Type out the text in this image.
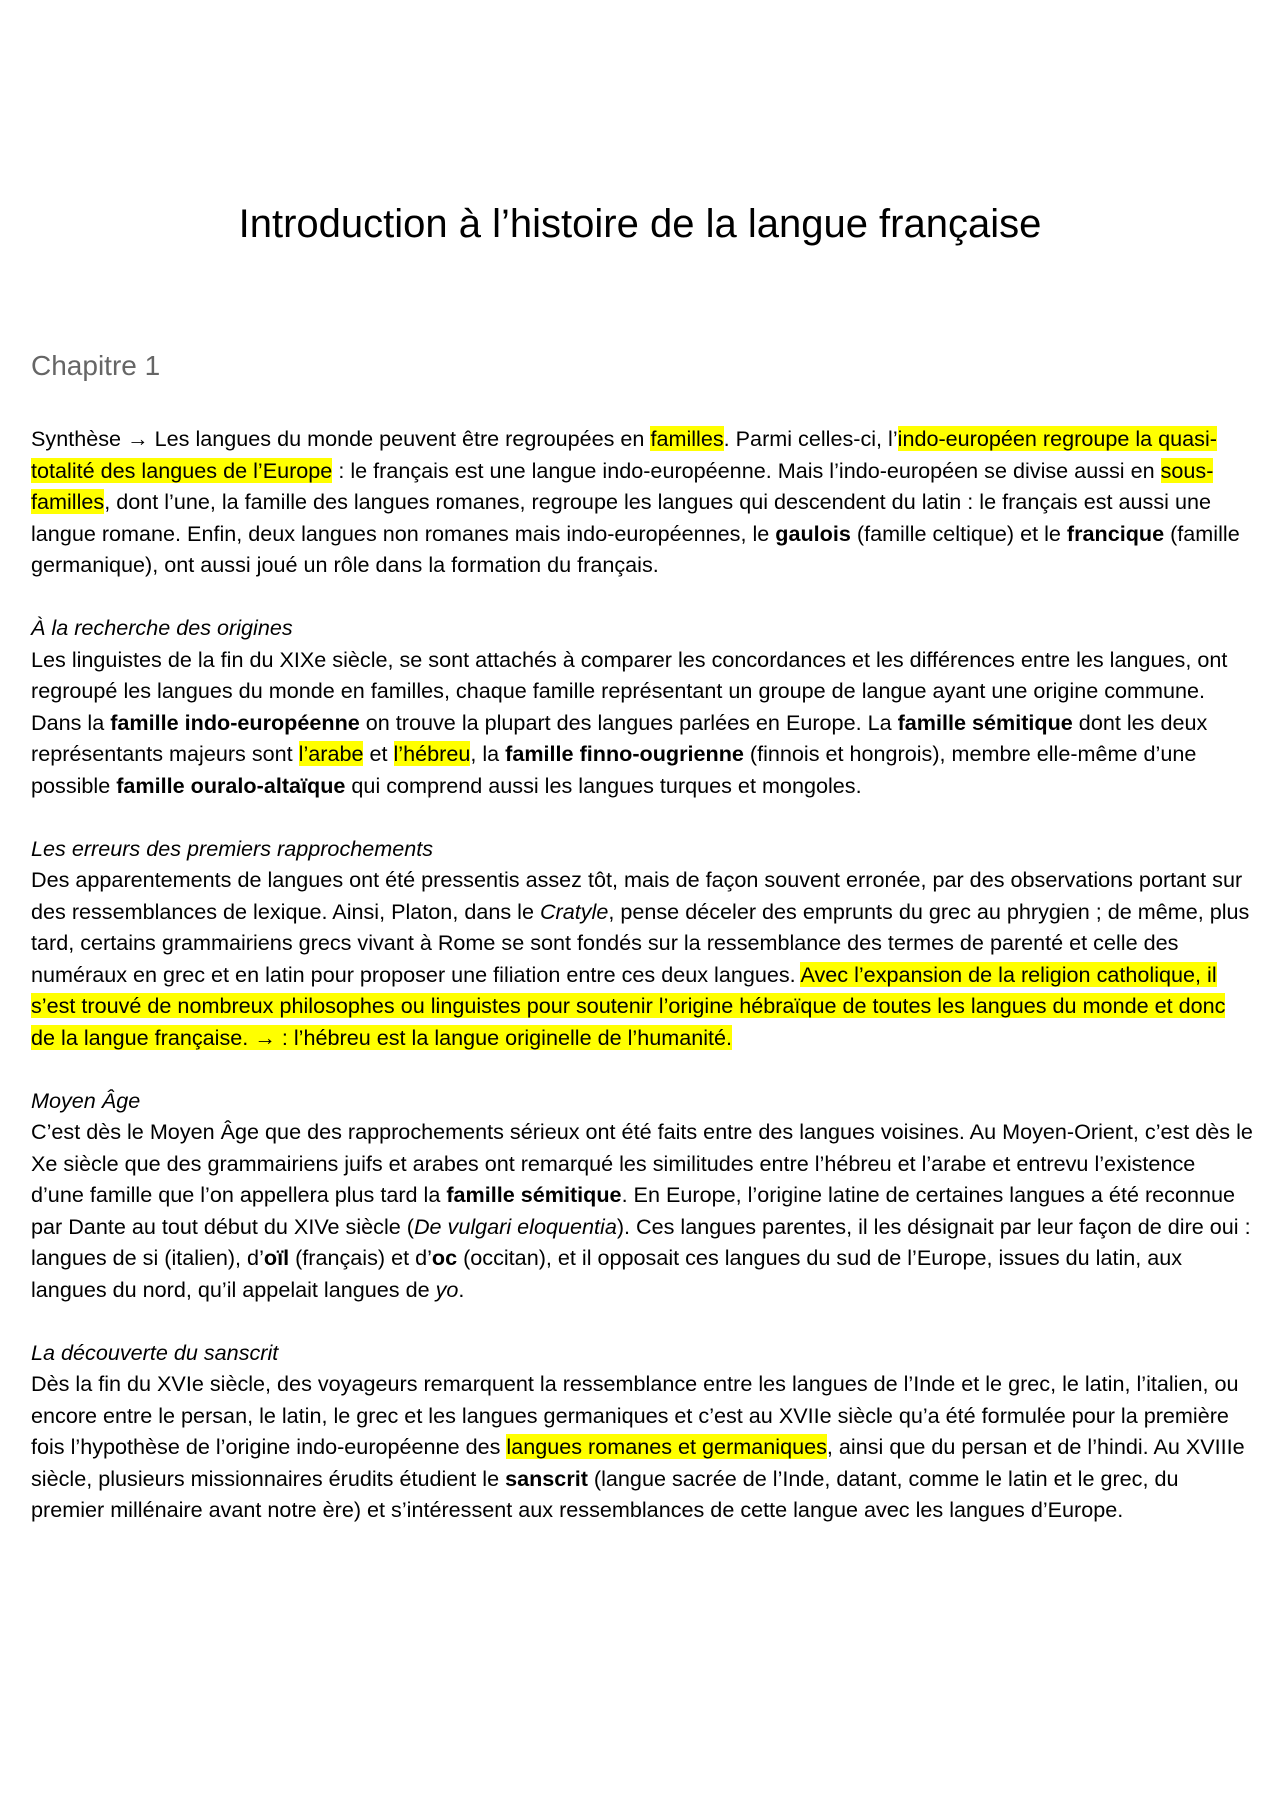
Introduction à l’histoire de la langue française
Chapitre 1

Synthèse → Les langues du monde peuvent être regroupées en familles. Parmi celles-ci, l’indo-européen regroupe la quasi-totalité des langues de l’Europe : le français est une langue indo-européenne. Mais l’indo-européen se divise aussi en sous-familles, dont l’une, la famille des langues romanes, regroupe les langues qui descendent du latin : le français est aussi une langue romane. Enfin, deux langues non romanes mais indo-européennes, le gaulois (famille celtique) et le francique (famille germanique), ont aussi joué un rôle dans la formation du français.

À la recherche des origines

Les linguistes de la fin du XIXe siècle, se sont attachés à comparer les concordances et les différences entre les langues, ont regroupé les langues du monde en familles, chaque famille représentant un groupe de langue ayant une origine commune. Dans la famille indo-européenne on trouve la plupart des langues parlées en Europe. La famille sémitique dont les deux représentants majeurs sont l’arabe et l’hébreu, la famille finno-ougrienne (finnois et hongrois), membre elle-même d’une possible famille ouralo-altaïque qui comprend aussi les langues turques et mongoles.

Les erreurs des premiers rapprochements

Des apparentements de langues ont été pressentis assez tôt, mais de façon souvent erronée, par des observations portant sur des ressemblances de lexique. Ainsi, Platon, dans le Cratyle, pense déceler des emprunts du grec au phrygien ; de même, plus tard, certains grammairiens grecs vivant à Rome se sont fondés sur la ressemblance des termes de parenté et celle des numéraux en grec et en latin pour proposer une filiation entre ces deux langues. Avec l’expansion de la religion catholique, il s’est trouvé de nombreux philosophes ou linguistes pour soutenir l’origine hébraïque de toutes les langues du monde et donc de la langue française. → : l’hébreu est la langue originelle de l’humanité.

Moyen Âge

C’est dès le Moyen Âge que des rapprochements sérieux ont été faits entre des langues voisines. Au Moyen-Orient, c’est dès le Xe siècle que des grammairiens juifs et arabes ont remarqué les similitudes entre l’hébreu et l’arabe et entrevu l’existence d’une famille que l’on appellera plus tard la famille sémitique. En Europe, l’origine latine de certaines langues a été reconnue par Dante au tout début du XIVe siècle (De vulgari eloquentia). Ces langues parentes, il les désignait par leur façon de dire oui : langues de si (italien), d’oïl (français) et d’oc (occitan), et il opposait ces langues du sud de l’Europe, issues du latin, aux langues du nord, qu’il appelait langues de yo.

La découverte du sanscrit

Dès la fin du XVIe siècle, des voyageurs remarquent la ressemblance entre les langues de l’Inde et le grec, le latin, l’italien, ou encore entre le persan, le latin, le grec et les langues germaniques et c’est au XVIIe siècle qu’a été formulée pour la première fois l’hypothèse de l’origine indo-européenne des langues romanes et germaniques, ainsi que du persan et de l’hindi. Au XVIIIe siècle, plusieurs missionnaires érudits étudient le sanscrit (langue sacrée de l’Inde, datant, comme le latin et le grec, du premier millénaire avant notre ère) et s’intéressent aux ressemblances de cette langue avec les langues d’Europe.
